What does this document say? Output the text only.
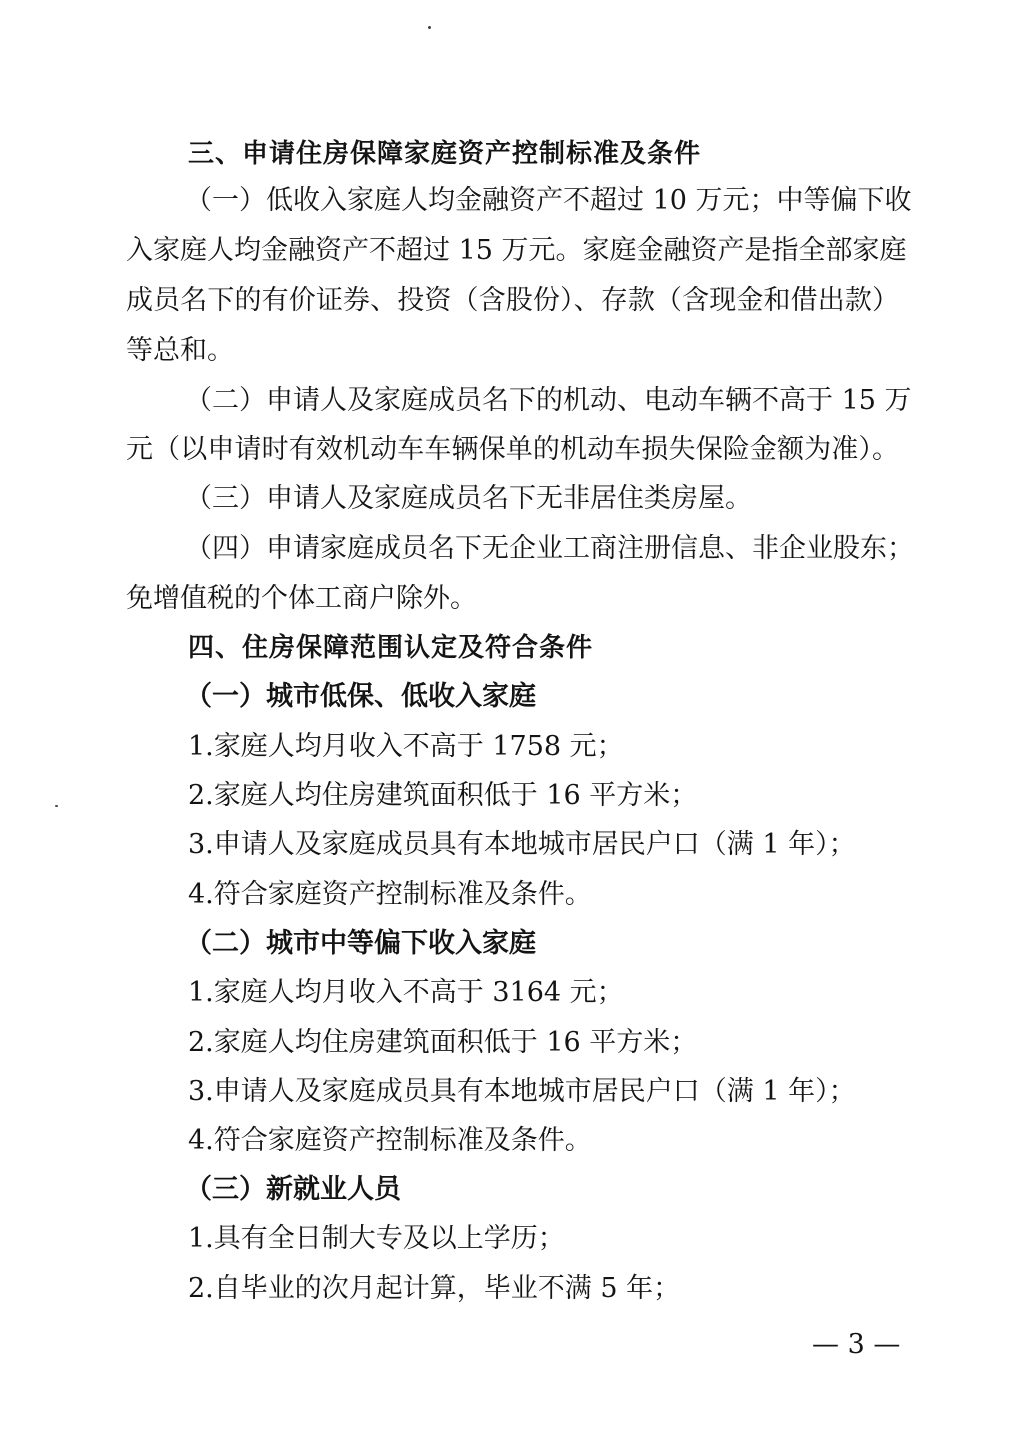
三、申请住房保障家庭资产控制标准及条件

（一）低收入家庭人均金融资产不超过 10 万元；中等偏下收

入家庭人均金融资产不超过 15 万元。家庭金融资产是指全部家庭

成员名下的有价证券、投资（含股份）、存款（含现金和借出款）

等总和。

（二）申请人及家庭成员名下的机动、电动车辆不高于 15 万

元（以申请时有效机动车车辆保单的机动车损失保险金额为准）。

（三）申请人及家庭成员名下无非居住类房屋。

（四）申请家庭成员名下无企业工商注册信息、非企业股东；

免增值税的个体工商户除外。

四、住房保障范围认定及符合条件

（一）城市低保、低收入家庭

1.家庭人均月收入不高于 1758 元；

2.家庭人均住房建筑面积低于 16 平方米；

3.申请人及家庭成员具有本地城市居民户口（满 1 年）；

4.符合家庭资产控制标准及条件。

（二）城市中等偏下收入家庭

1.家庭人均月收入不高于 3164 元；

2.家庭人均住房建筑面积低于 16 平方米；

3.申请人及家庭成员具有本地城市居民户口（满 1 年）；

4.符合家庭资产控制标准及条件。

（三）新就业人员

1.具有全日制大专及以上学历；

2.自毕业的次月起计算，毕业不满 5 年；

— 3 —
